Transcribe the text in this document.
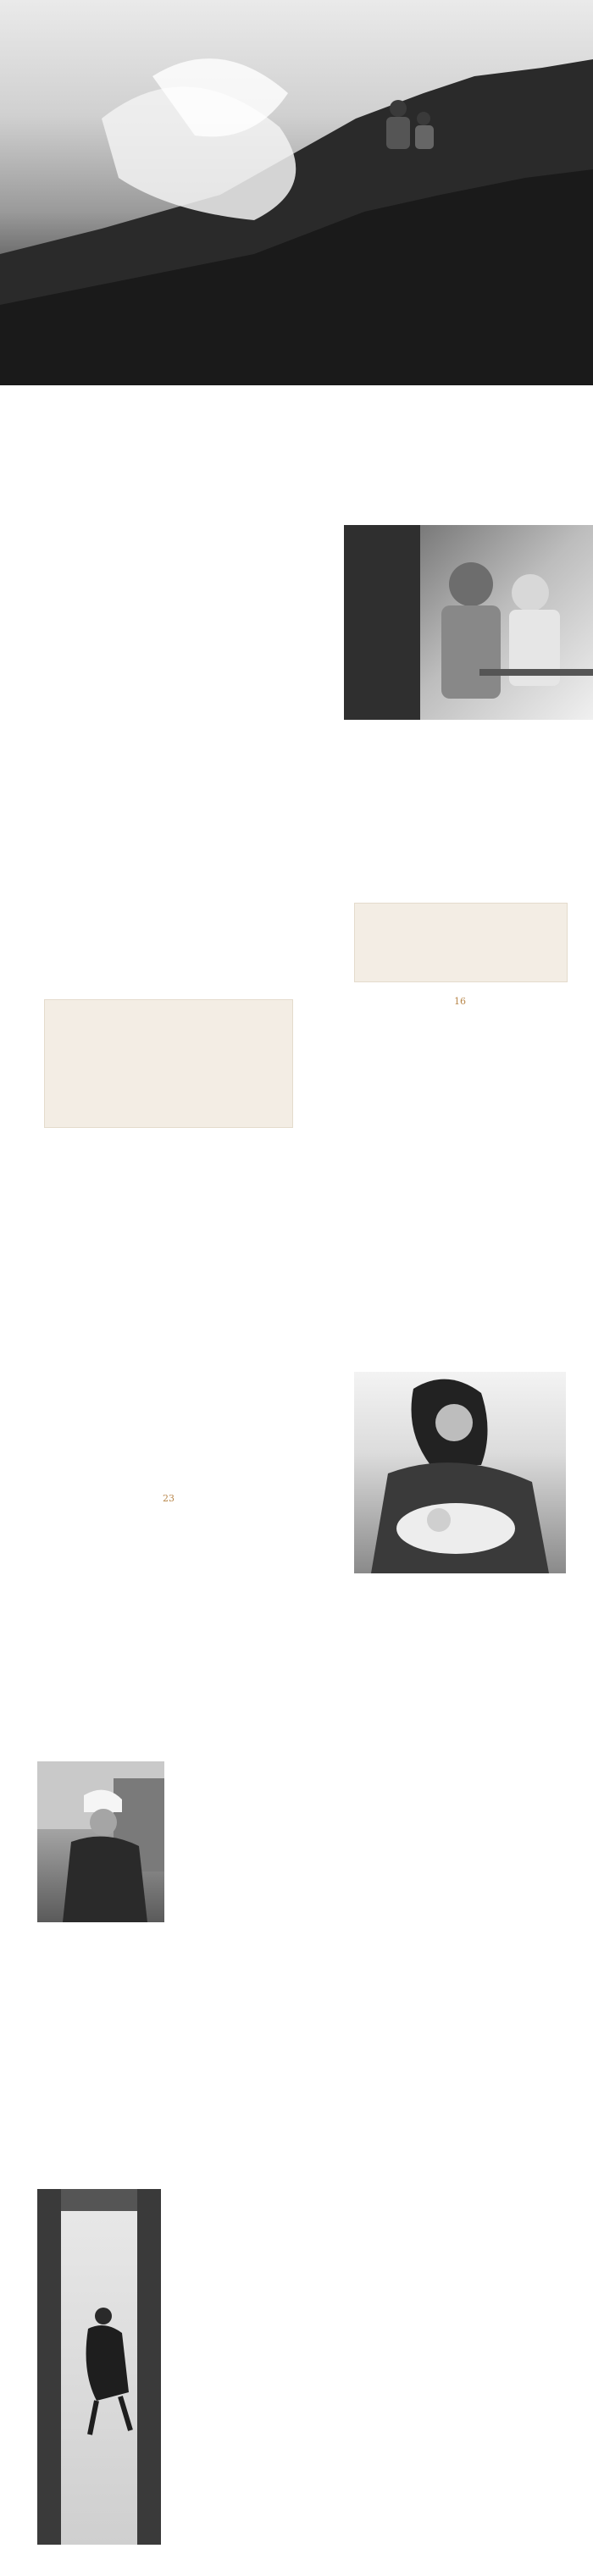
16
23
